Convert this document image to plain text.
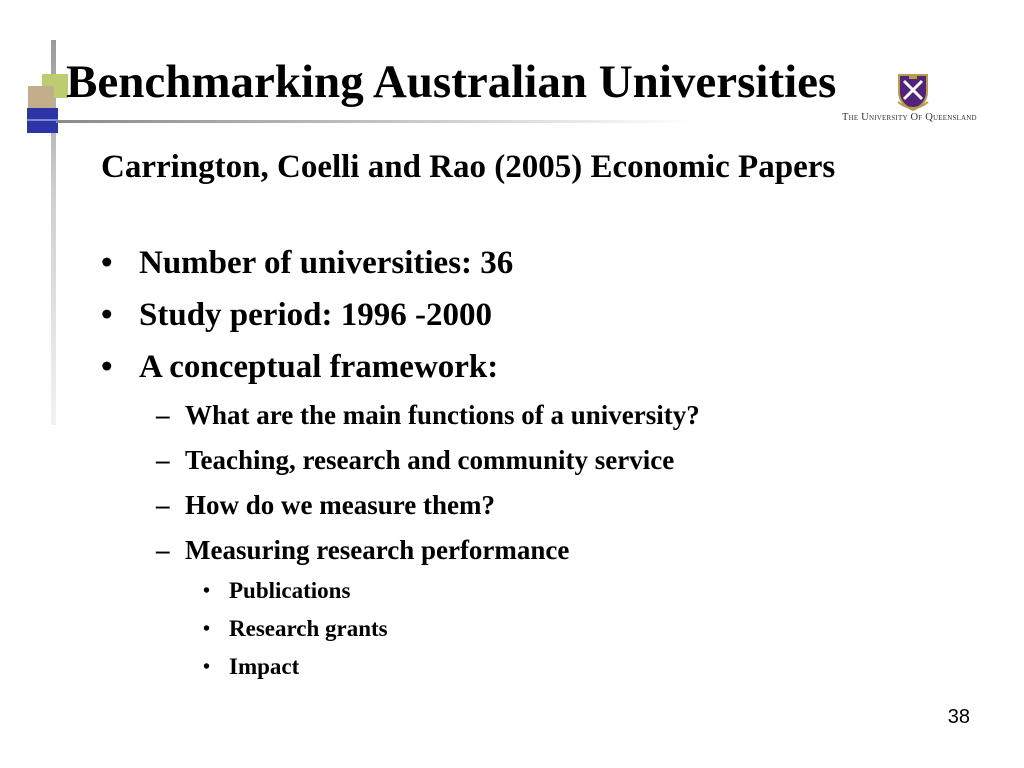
Benchmarking Australian Universities
The University Of Queensland

Carrington, Coelli and Rao (2005) Economic Papers

• Number of universities: 36
• Study period: 1996 -2000
• A conceptual framework:
– What are the main functions of a university?
– Teaching, research and community service
– How do we measure them?
– Measuring research performance
• Publications
• Research grants
• Impact
38
